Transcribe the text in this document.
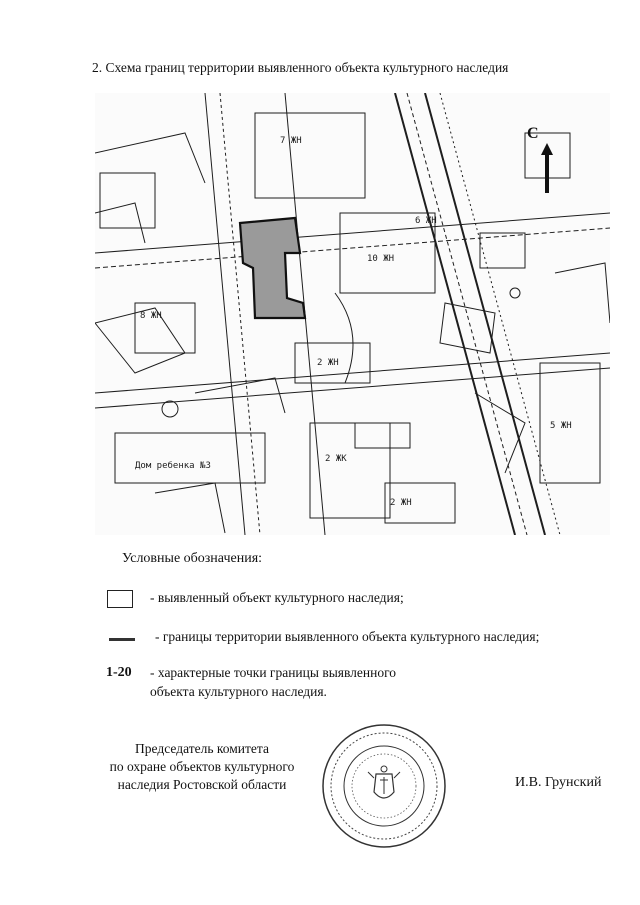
2. Схема границ территории выявленного объекта культурного наследия
7 ЖН
10 ЖН
2 ЖН
5 ЖН
6 ЖН
8 ЖН
Дом ребенка №3
2 ЖК
2 ЖН
С
Условные обозначения:
- выявленный объект культурного наследия;
- границы территории выявленного объекта культурного наследия;
1-20 - характерные точки границы выявленного
объекта культурного наследия.
Председатель комитета
по охране объектов культурного
наследия Ростовской области	И.В. Грунский
